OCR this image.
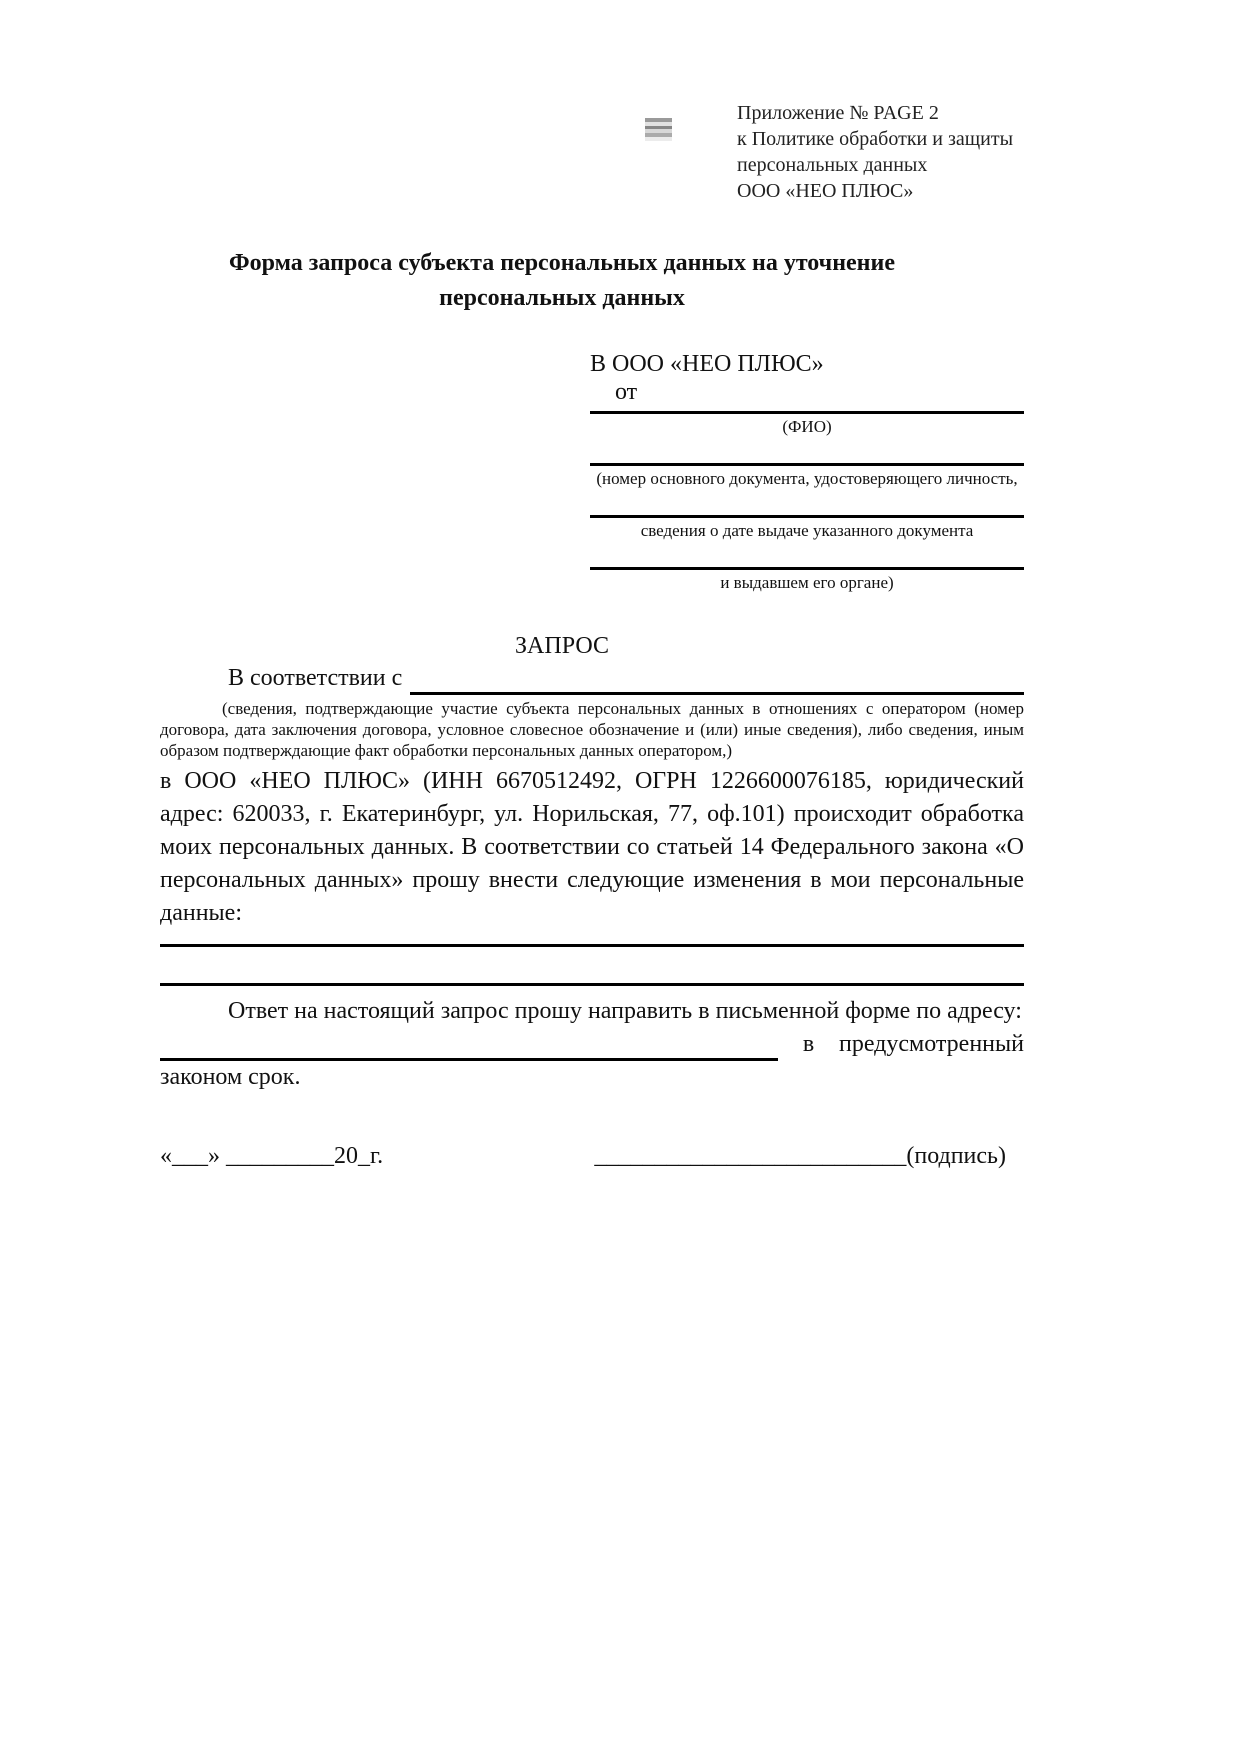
Приложение № PAGE 2
к Политике обработки и защиты
персональных данных
ООО «НЕО ПЛЮС»
Форма запроса субъекта персональных данных на уточнение персональных данных
В ООО «НЕО ПЛЮС»
от
(ФИО)
(номер основного документа, удостоверяющего личность,
сведения о дате выдаче указанного документа
и выдавшем его органе)
ЗАПРОС
В соответствии с
(сведения, подтверждающие участие субъекта персональных данных в отношениях с оператором (номер договора, дата заключения договора, условное словесное обозначение и (или) иные сведения), либо сведения, иным образом подтверждающие факт обработки персональных данных оператором,)
в ООО «НЕО ПЛЮС» (ИНН 6670512492, ОГРН 1226600076185, юридический адрес: 620033, г. Екатеринбург, ул. Норильская, 77, оф.101) происходит обработка моих персональных данных. В соответствии со статьей 14 Федерального закона «О персональных данных» прошу внести следующие изменения в мои персональные данные:
Ответ на настоящий запрос прошу направить в письменной форме по адресу:
в предусмотренный
законом срок.
«___» _________20_г.	__________________________(подпись)
